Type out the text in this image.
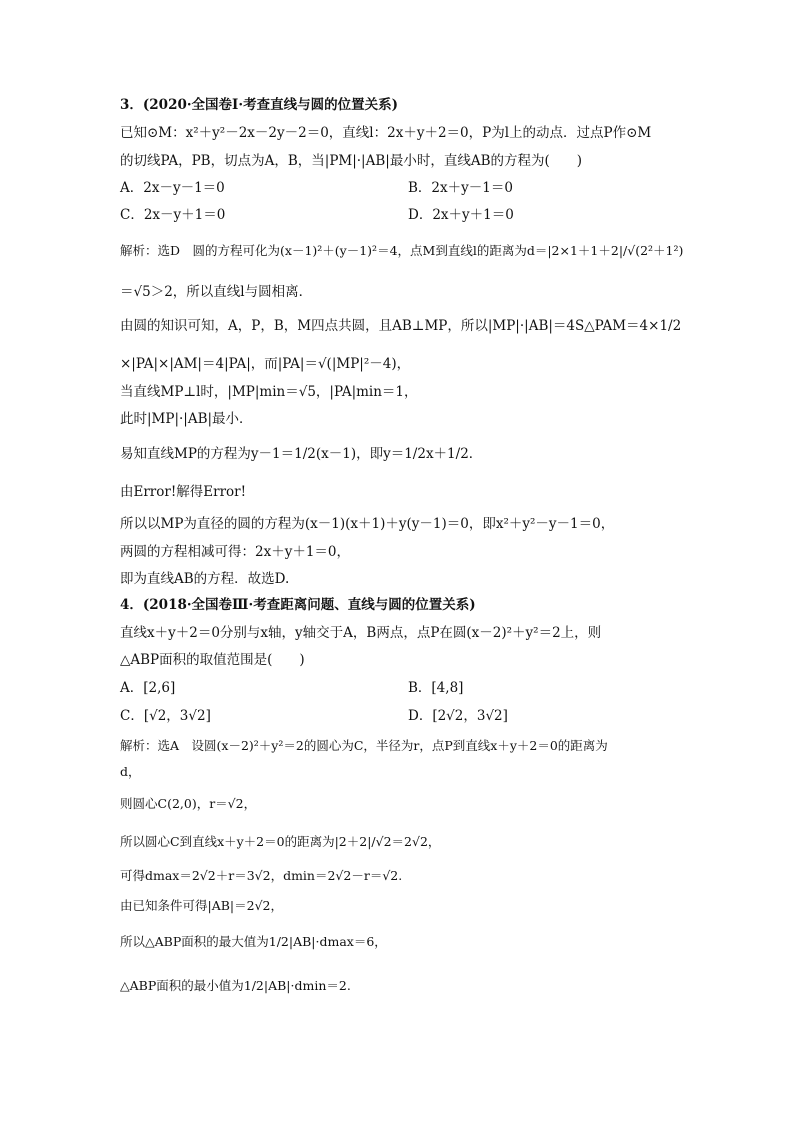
3．(2020·全国卷Ⅰ·考查直线与圆的位置关系)
已知⊙M：x²＋y²－2x－2y－2＝0，直线l：2x＋y＋2＝0，P为l上的动点．过点P作⊙M
的切线PA，PB，切点为A，B，当|PM|·|AB|最小时，直线AB的方程为(　　)
A．2x－y－1＝0	B．2x＋y－1＝0
C．2x－y＋1＝0	D．2x＋y＋1＝0
解析：选D　圆的方程可化为(x－1)²＋(y－1)²＝4，点M到直线l的距离为d＝|2×1＋1＋2|/√(2²＋1²)
＝√5＞2，所以直线l与圆相离．
由圆的知识可知，A，P，B，M四点共圆，且AB⊥MP，所以|MP|·|AB|＝4S△PAM＝4×1/2
×|PA|×|AM|＝4|PA|，而|PA|＝√(|MP|²－4)，
当直线MP⊥l时，|MP|min＝√5，|PA|min＝1，
此时|MP|·|AB|最小．
易知直线MP的方程为y－1＝1/2(x－1)，即y＝1/2x＋1/2．
由Error!解得Error!
所以以MP为直径的圆的方程为(x－1)(x＋1)＋y(y－1)＝0，即x²＋y²－y－1＝0，
两圆的方程相减可得：2x＋y＋1＝0，
即为直线AB的方程．故选D.
4．(2018·全国卷Ⅲ·考查距离问题、直线与圆的位置关系)
直线x＋y＋2＝0分别与x轴，y轴交于A，B两点，点P在圆(x－2)²＋y²＝2上，则
△ABP面积的取值范围是(　　)
A．[2,6]	B．[4,8]
C．[√2，3√2]	D．[2√2，3√2]
解析：选A　设圆(x－2)²＋y²＝2的圆心为C，半径为r，点P到直线x＋y＋2＝0的距离为
d，
则圆心C(2,0)，r＝√2，
所以圆心C到直线x＋y＋2＝0的距离为|2＋2|/√2＝2√2，
可得dmax＝2√2＋r＝3√2，dmin＝2√2－r＝√2.
由已知条件可得|AB|＝2√2，
所以△ABP面积的最大值为1/2|AB|·dmax＝6，
△ABP面积的最小值为1/2|AB|·dmin＝2.
